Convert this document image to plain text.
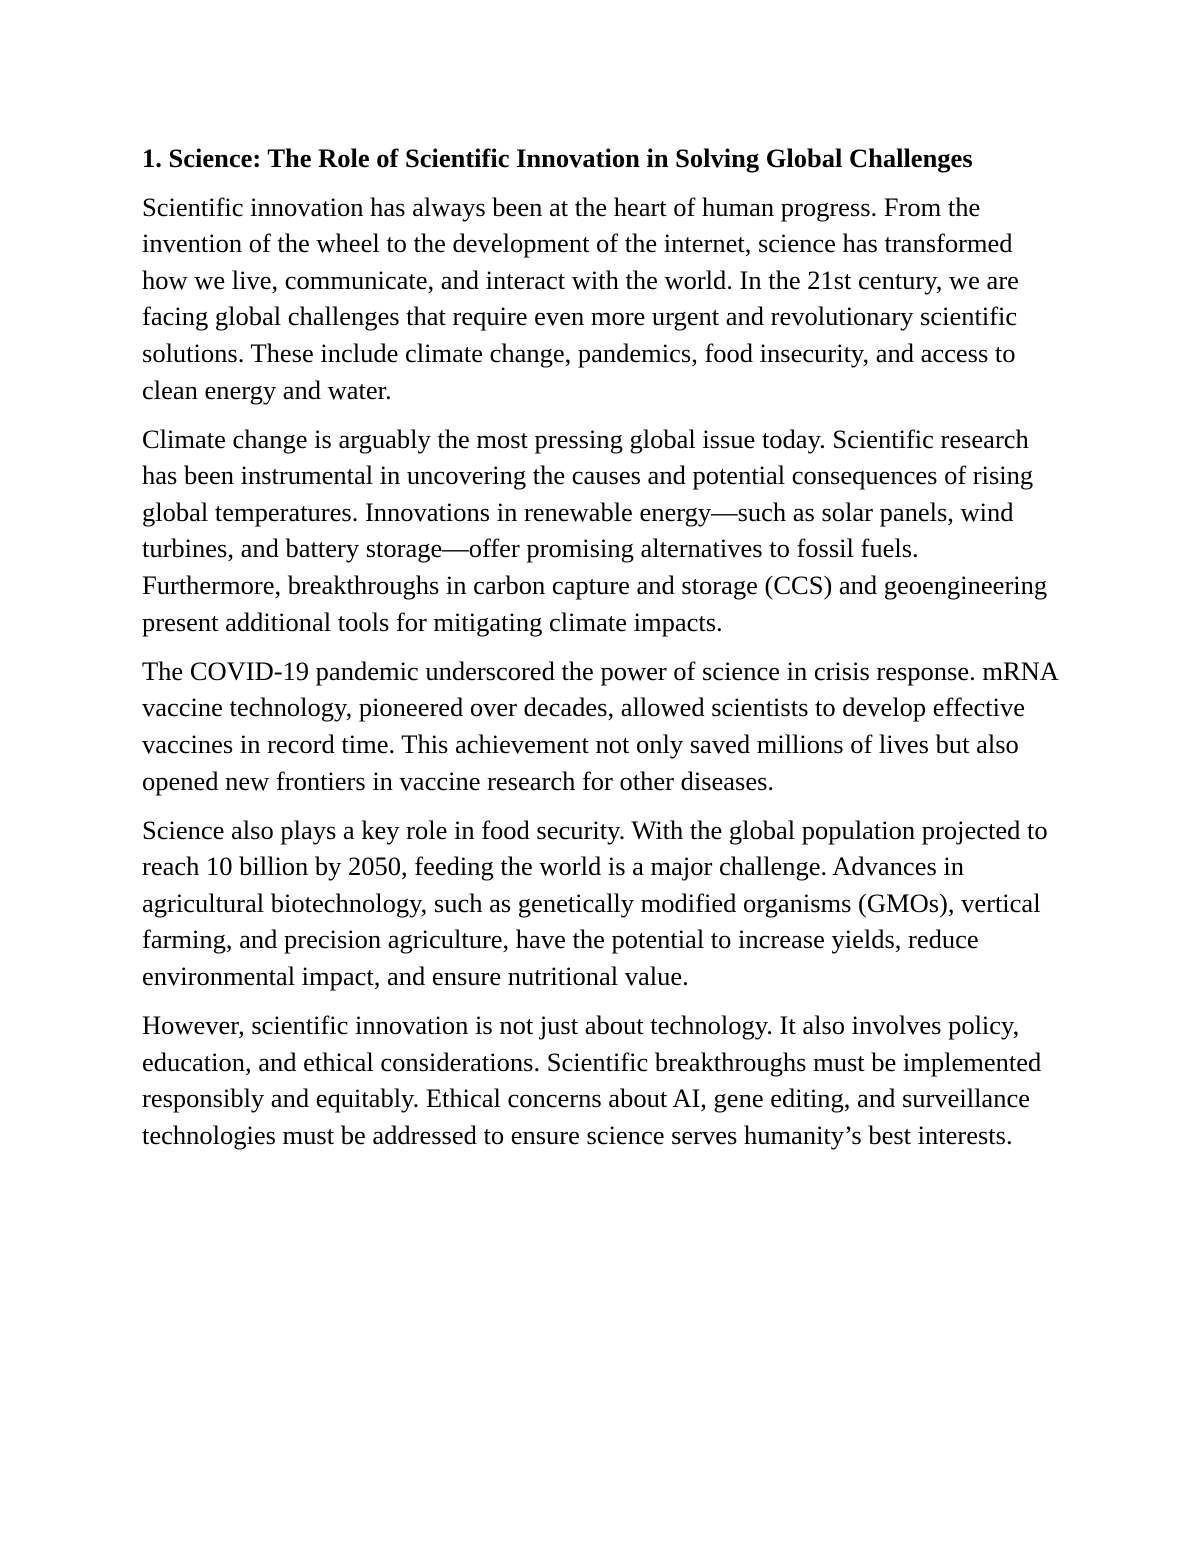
1. Science: The Role of Scientific Innovation in Solving Global Challenges

Scientific innovation has always been at the heart of human progress. From the invention of the wheel to the development of the internet, science has transformed how we live, communicate, and interact with the world. In the 21st century, we are facing global challenges that require even more urgent and revolutionary scientific solutions. These include climate change, pandemics, food insecurity, and access to clean energy and water.

Climate change is arguably the most pressing global issue today. Scientific research has been instrumental in uncovering the causes and potential consequences of rising global temperatures. Innovations in renewable energy—such as solar panels, wind turbines, and battery storage—offer promising alternatives to fossil fuels. Furthermore, breakthroughs in carbon capture and storage (CCS) and geoengineering present additional tools for mitigating climate impacts.

The COVID-19 pandemic underscored the power of science in crisis response. mRNA vaccine technology, pioneered over decades, allowed scientists to develop effective vaccines in record time. This achievement not only saved millions of lives but also opened new frontiers in vaccine research for other diseases.

Science also plays a key role in food security. With the global population projected to reach 10 billion by 2050, feeding the world is a major challenge. Advances in agricultural biotechnology, such as genetically modified organisms (GMOs), vertical farming, and precision agriculture, have the potential to increase yields, reduce environmental impact, and ensure nutritional value.

However, scientific innovation is not just about technology. It also involves policy, education, and ethical considerations. Scientific breakthroughs must be implemented responsibly and equitably. Ethical concerns about AI, gene editing, and surveillance technologies must be addressed to ensure science serves humanity’s best interests.
